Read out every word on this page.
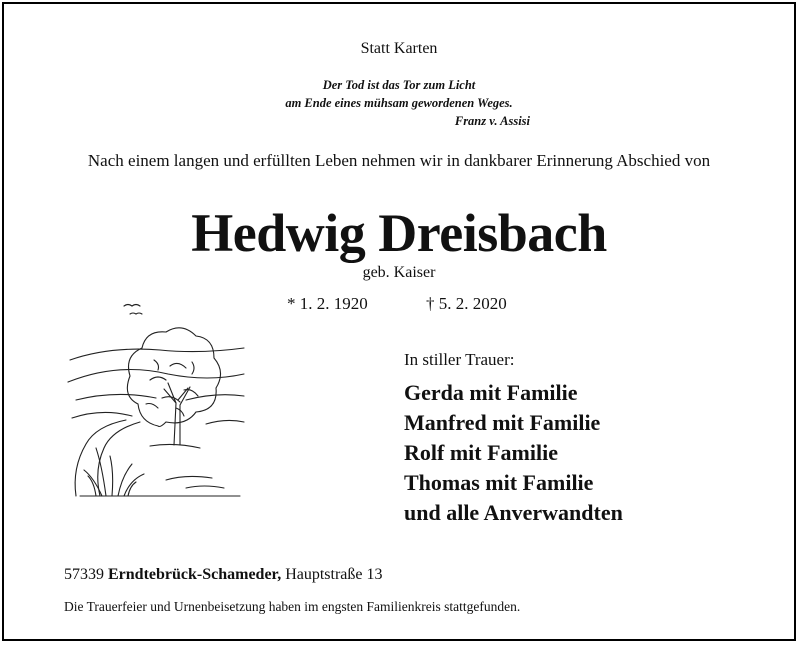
Statt Karten
Der Tod ist das Tor zum Licht
am Ende eines mühsam gewordenen Weges.
Franz v. Assisi
Nach einem langen und erfüllten Leben nehmen wir in dankbarer Erinnerung Abschied von
Hedwig Dreisbach
geb. Kaiser
* 1. 2. 1920	† 5. 2. 2020
In stiller Trauer:
Gerda mit Familie
Manfred mit Familie
Rolf mit Familie
Thomas mit Familie
und alle Anverwandten
57339 Erndtebrück-Schameder, Hauptstraße 13
Die Trauerfeier und Urnenbeisetzung haben im engsten Familienkreis stattgefunden.
